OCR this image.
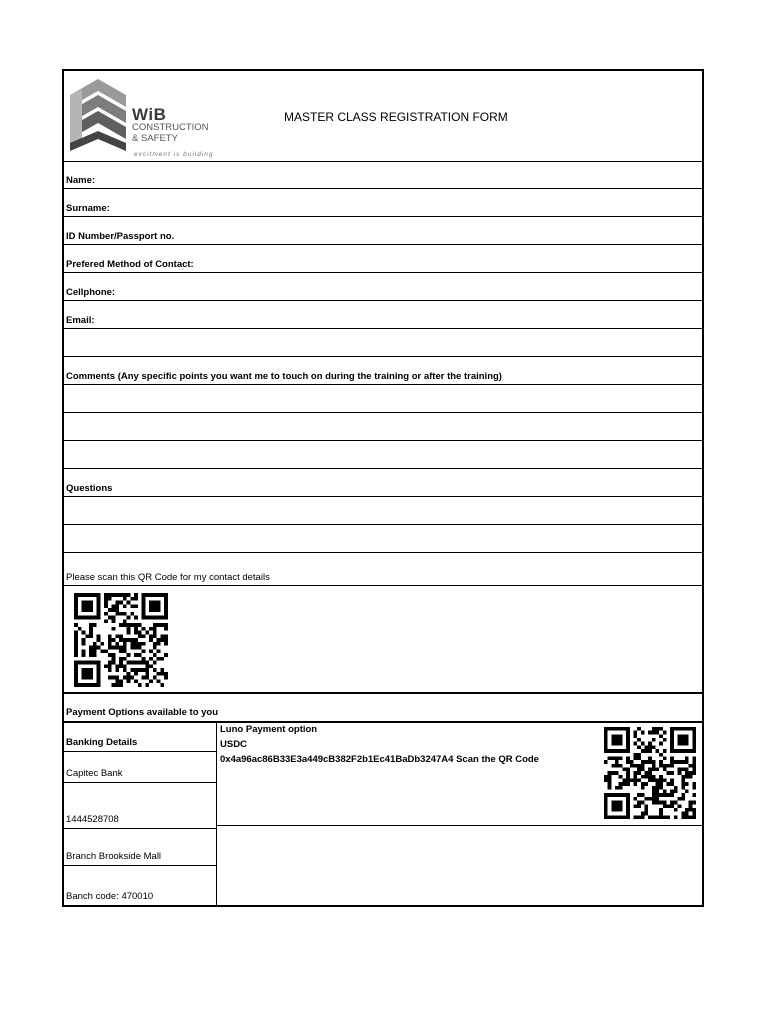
WiB
CONSTRUCTION
& SAFETY
excitment is building
MASTER CLASS REGISTRATION FORM
Name:
Surname:
ID Number/Passport no.
Prefered Method of Contact:
Cellphone:
Email:
Comments (Any specific points you want me to touch on during the training or after the training)
Questions
Please scan this QR Code for my contact details
Payment Options available to you
Banking Details
Capitec Bank
1444528708
Branch Brookside Mall
Banch code: 470010
Luno Payment option
USDC
0x4a96ac86B33E3a449cB382F2b1Ec41BaDb3247A4 Scan the QR Code
